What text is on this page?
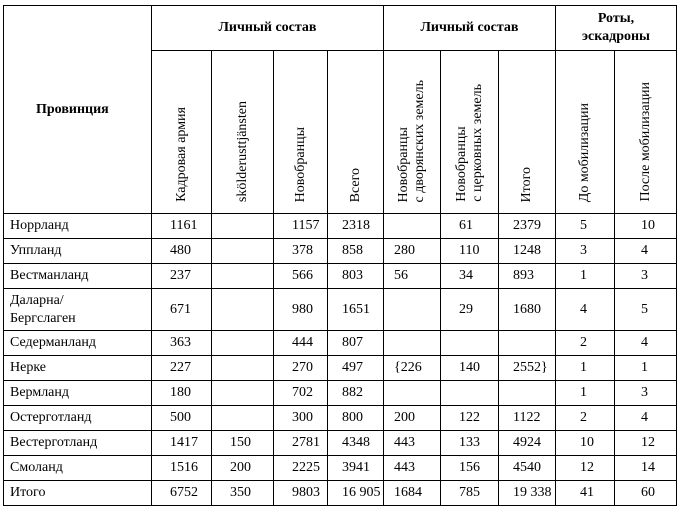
Провинция	Личный состав				Личный состав			Роты,
эскадроны	
	Кадровая армия	skölderusttjänsten	Новобранцы	Всего	Новобранцы
с дворянских земель	Новобранцы
с церковных земель	Итого	До мобилизации	После мобилизации
Норрланд	1161		1157	2318		61	2379	5	10
Уппланд	480		378	858	280	110	1248	3	4
Вестманланд	237		566	803	56	34	893	1	3
Даларна/
Бергслаген	671		980	1651		29	1680	4	5
Седерманланд	363		444	807				2	4
Нерке	227		270	497	{226	140	2552}	1	1
Вермланд	180		702	882				1	3
Остерготланд	500		300	800	200	122	1122	2	4
Вестерготланд	1417	150	2781	4348	443	133	4924	10	12
Смоланд	1516	200	2225	3941	443	156	4540	12	14
Итого	6752	350	9803	16 905	1684	785	19 338	41	60
